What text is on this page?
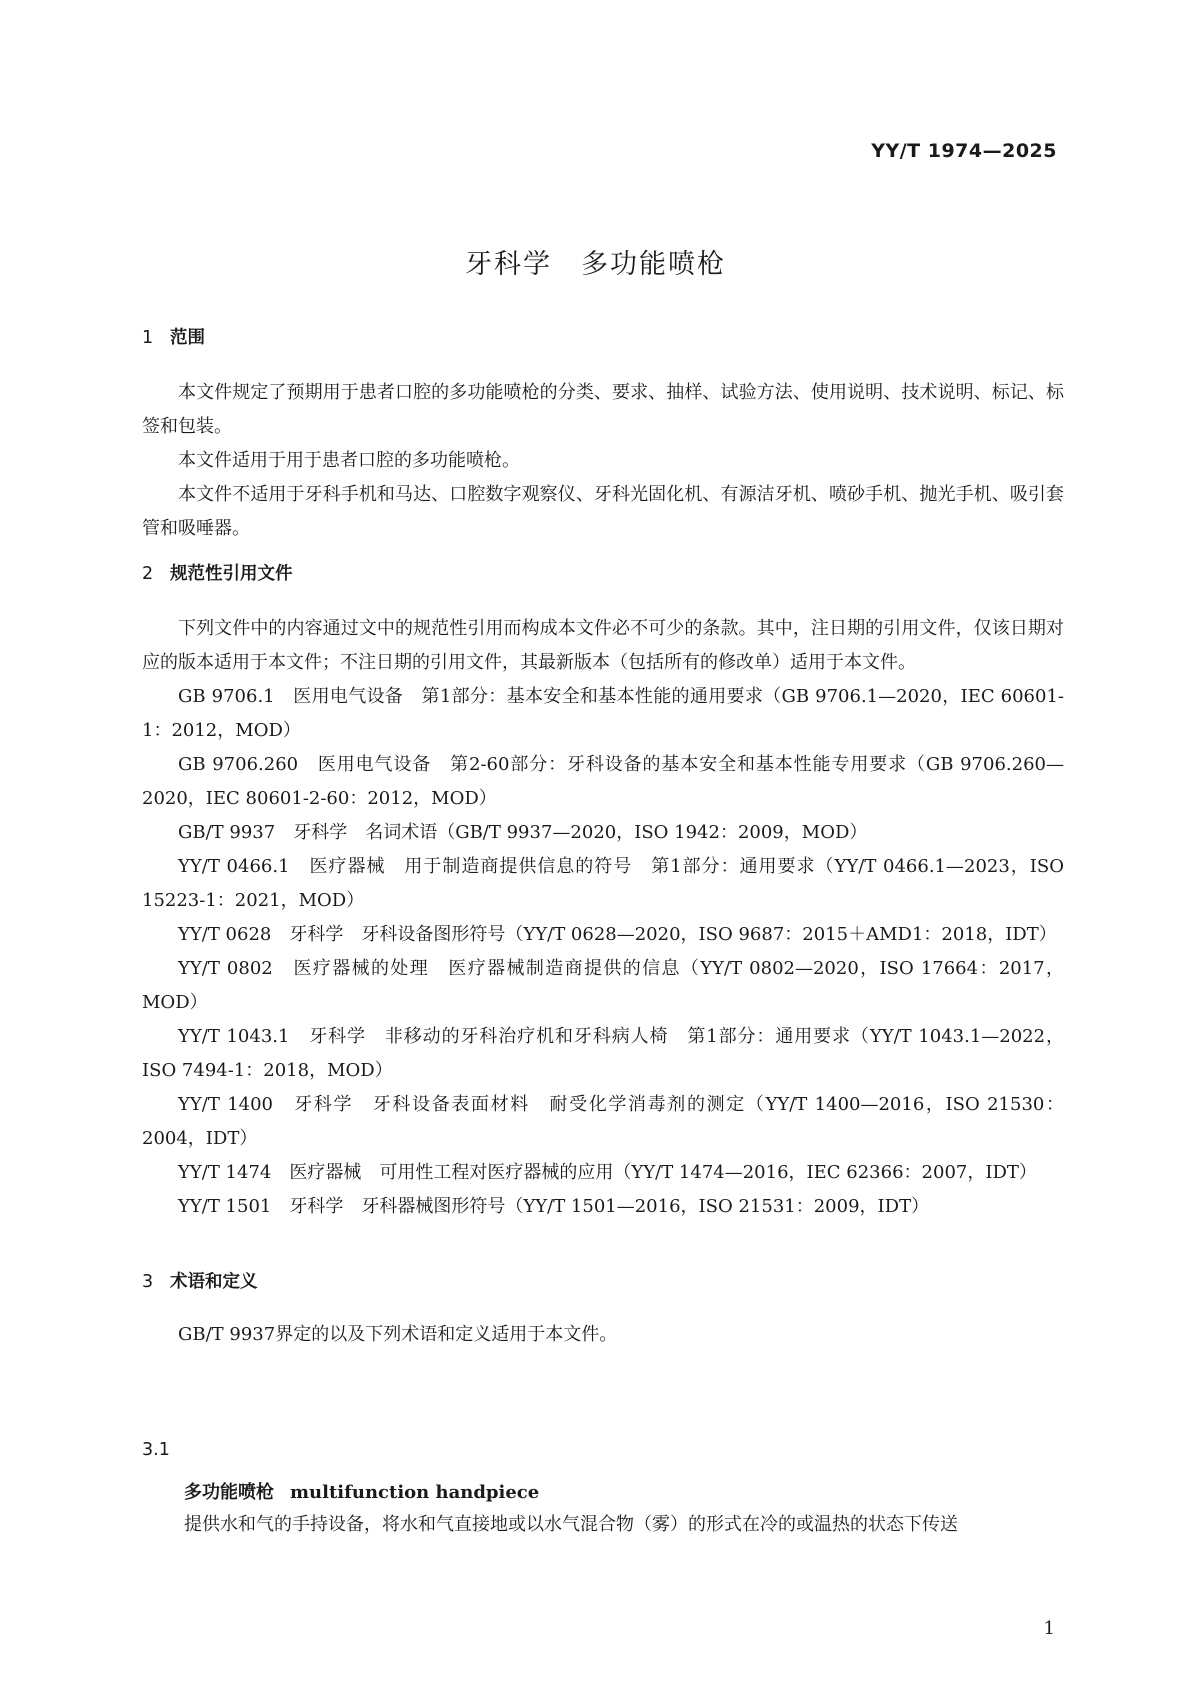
YY/T 1974—2025
牙科学　多功能喷枪
1 范围

本文件规定了预期用于患者口腔的多功能喷枪的分类、要求、抽样、试验方法、使用说明、技术说明、标记、标签和包装。

本文件适用于用于患者口腔的多功能喷枪。

本文件不适用于牙科手机和马达、口腔数字观察仪、牙科光固化机、有源洁牙机、喷砂手机、抛光手机、吸引套管和吸唾器。

2 规范性引用文件

下列文件中的内容通过文中的规范性引用而构成本文件必不可少的条款。其中，注日期的引用文件，仅该日期对应的版本适用于本文件；不注日期的引用文件，其最新版本（包括所有的修改单）适用于本文件。

GB 9706.1　医用电气设备　第1部分：基本安全和基本性能的通用要求（GB 9706.1—2020，IEC 60601-1：2012，MOD）

GB 9706.260　医用电气设备　第2-60部分：牙科设备的基本安全和基本性能专用要求（GB 9706.260—2020，IEC 80601-2-60：2012，MOD）

GB/T 9937　牙科学　名词术语（GB/T 9937—2020，ISO 1942：2009，MOD）

YY/T 0466.1　医疗器械　用于制造商提供信息的符号　第1部分：通用要求（YY/T 0466.1—2023，ISO 15223-1：2021，MOD）

YY/T 0628　牙科学　牙科设备图形符号（YY/T 0628—2020，ISO 9687：2015＋AMD1：2018，IDT）

YY/T 0802　医疗器械的处理　医疗器械制造商提供的信息（YY/T 0802—2020，ISO 17664：2017，MOD）

YY/T 1043.1　牙科学　非移动的牙科治疗机和牙科病人椅　第1部分：通用要求（YY/T 1043.1—2022，ISO 7494-1：2018，MOD）

YY/T 1400　牙科学　牙科设备表面材料　耐受化学消毒剂的测定（YY/T 1400—2016，ISO 21530：2004，IDT）

YY/T 1474　医疗器械　可用性工程对医疗器械的应用（YY/T 1474—2016，IEC 62366：2007，IDT）

YY/T 1501　牙科学　牙科器械图形符号（YY/T 1501—2016，ISO 21531：2009，IDT）

3 术语和定义

GB/T 9937界定的以及下列术语和定义适用于本文件。

3.1
多功能喷枪 multifunction handpiece
提供水和气的手持设备，将水和气直接地或以水气混合物（雾）的形式在冷的或温热的状态下传送
1
